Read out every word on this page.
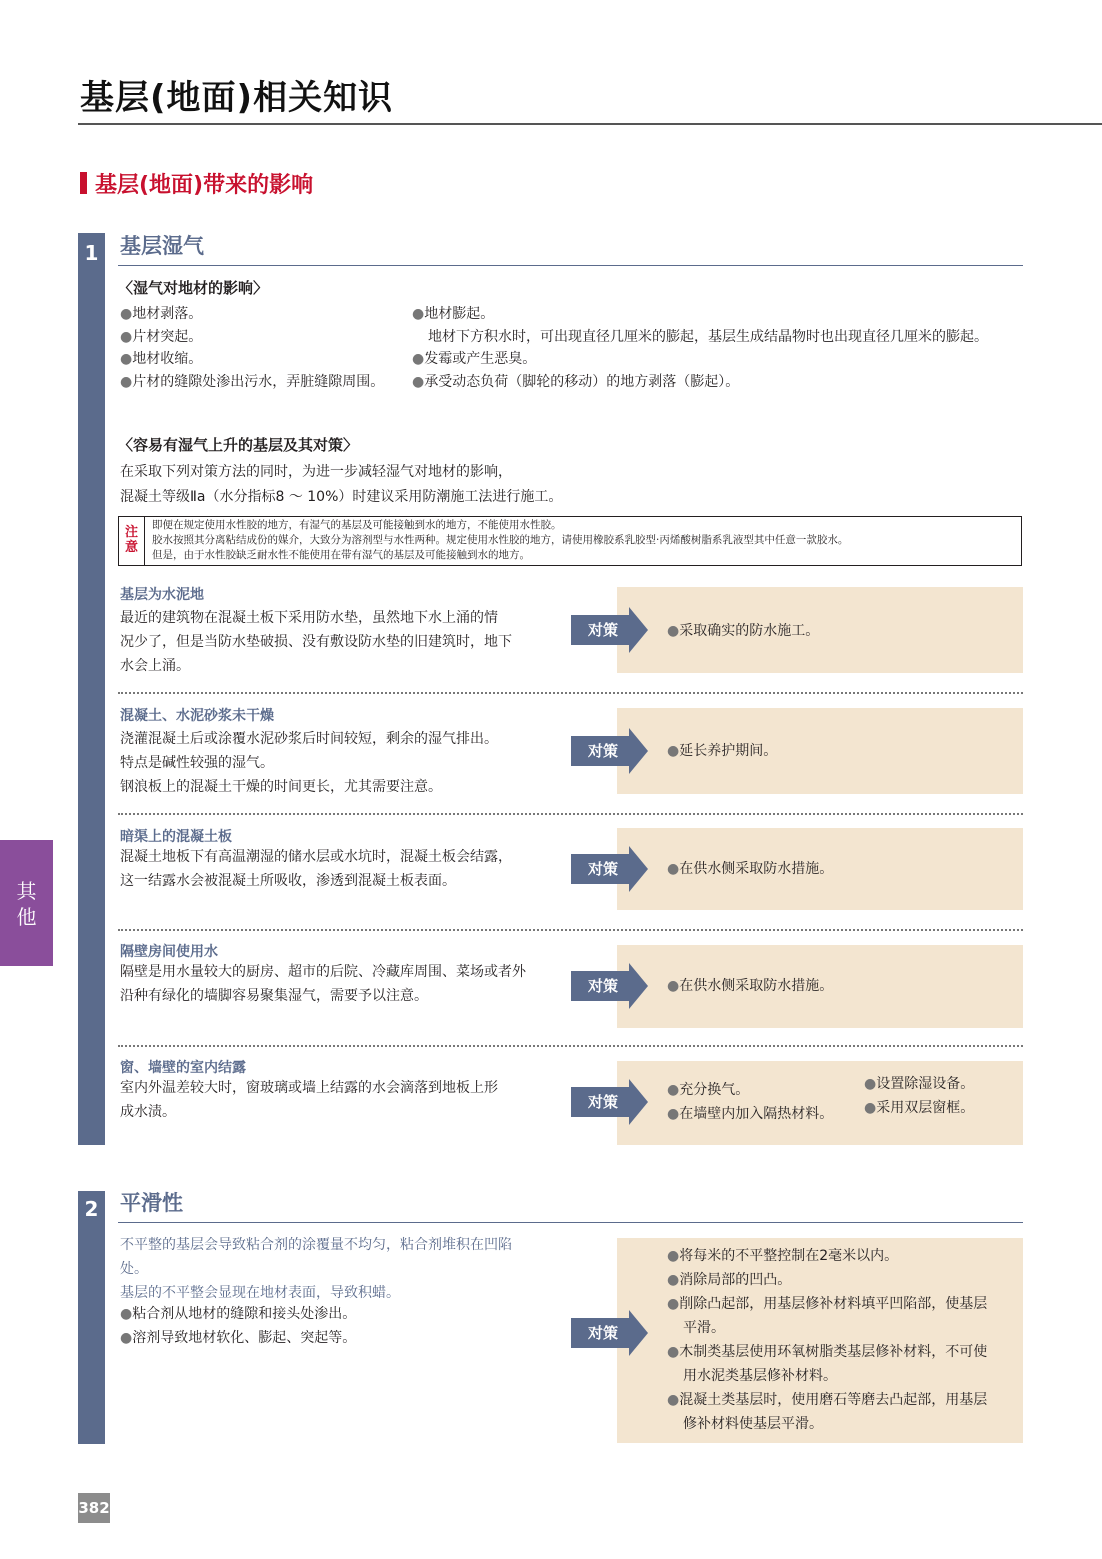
基层(地面)相关知识
基层(地面)带来的影响
其
他
1	基层湿气
〈湿气对地材的影响〉
● 地材剥落。
● 片材突起。
● 地材收缩。
● 片材的缝隙处渗出污水，弄脏缝隙周围。
● 地材膨起。
地材下方积水时，可出现直径几厘米的膨起，基层生成结晶物时也出现直径几厘米的膨起。
● 发霉或产生恶臭。
● 承受动态负荷（脚轮的移动）的地方剥落（膨起）。
〈容易有湿气上升的基层及其对策〉
在采取下列对策方法的同时，为进一步减轻湿气对地材的影响，
混凝土等级Ⅱa（水分指标8 ～ 10%）时建议采用防潮施工法进行施工。
注
意
即便在规定使用水性胶的地方，有湿气的基层及可能接触到水的地方，不能使用水性胶。
胶水按照其分离粘结成份的媒介，大致分为溶剂型与水性两种。规定使用水性胶的地方，请使用橡胶系乳胶型·丙烯酸树脂系乳液型其中任意一款胶水。
但是，由于水性胶缺乏耐水性不能使用在带有湿气的基层及可能接触到水的地方。
基层为水泥地
最近的建筑物在混凝土板下采用防水垫，虽然地下水上涌的情
况少了，但是当防水垫破损、没有敷设防水垫的旧建筑时，地下
水会上涌。
对策 ●	采取确实的防水施工。
混凝土、水泥砂浆未干燥
浇灌混凝土后或涂覆水泥砂浆后时间较短，剩余的湿气排出。
特点是碱性较强的湿气。
钢浪板上的混凝土干燥的时间更长，尤其需要注意。
对策 ●	延长养护期间。
暗渠上的混凝土板
混凝土地板下有高温潮湿的储水层或水坑时，混凝土板会结露，
这一结露水会被混凝土所吸收，渗透到混凝土板表面。
对策 ●	在供水侧采取防水措施。
隔壁房间使用水
隔壁是用水量较大的厨房、超市的后院、冷藏库周围、菜场或者外
沿种有绿化的墙脚容易聚集湿气，需要予以注意。
对策 ●	在供水侧采取防水措施。
窗、墙壁的室内结露
室内外温差较大时，窗玻璃或墙上结露的水会滴落到地板上形
成水渍。
对策
● 充分换气。
● 在墙壁内加入隔热材料。
● 设置除湿设备。
● 采用双层窗框。
2	平滑性
不平整的基层会导致粘合剂的涂覆量不均匀，粘合剂堆积在凹陷
处。
基层的不平整会显现在地材表面，导致积蜡。
● 粘合剂从地材的缝隙和接头处渗出。
● 溶剂导致地材软化、膨起、突起等。	对策
● 将每米的不平整控制在2毫米以内。
● 消除局部的凹凸。
● 削除凸起部，用基层修补材料填平凹陷部，使基层
平滑。
● 木制类基层使用环氧树脂类基层修补材料，不可使
用水泥类基层修补材料。
● 混凝土类基层时，使用磨石等磨去凸起部，用基层
修补材料使基层平滑。
382
